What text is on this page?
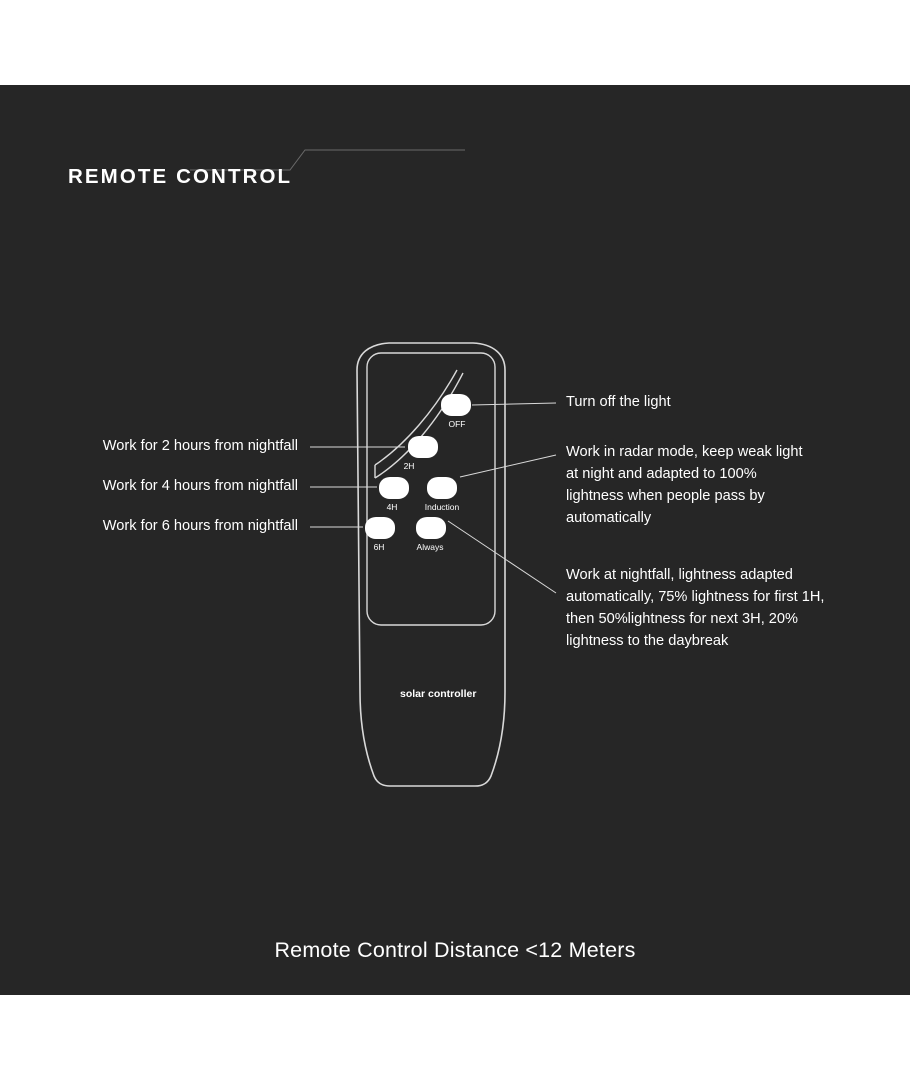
REMOTE CONTROL
OFF
2H
4H	Induction
6H	Always
solar controller
Turn off the light
Work in radar mode, keep weak light at night and adapted to 100% lightness when people pass by automatically
Work at nightfall, lightness adapted automatically, 75% lightness for first 1H, then 50%lightness for next 3H, 20% lightness to the daybreak
Work for 2 hours from nightfall
Work for 4 hours from nightfall
Work for 6 hours from nightfall
Remote Control Distance <12 Meters
